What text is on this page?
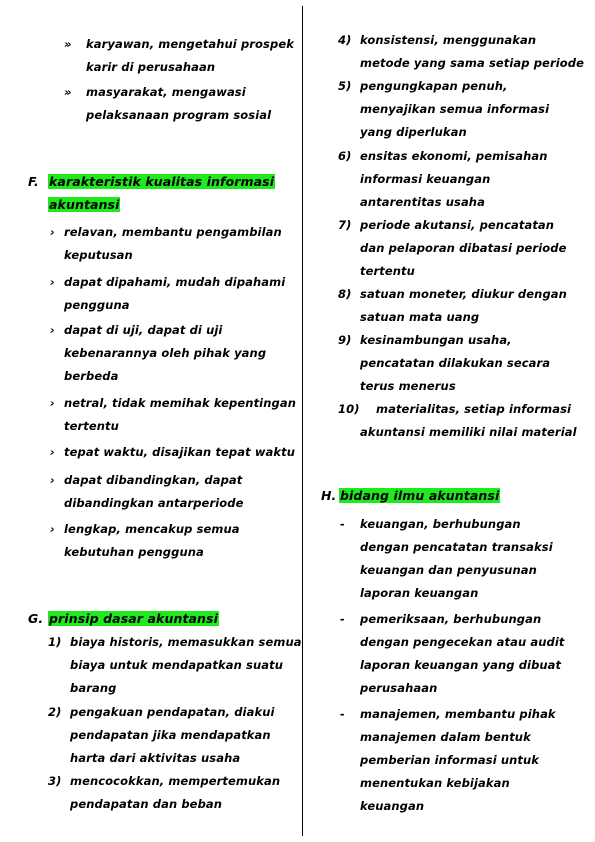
» karyawan, mengetahui prospek
karir di perusahaan
» masyarakat, mengawasi
pelaksanaan program sosial
F. karakteristik kualitas informasi
akuntansi
› relavan, membantu pengambilan
keputusan
› dapat dipahami, mudah dipahami
pengguna
› dapat di uji, dapat di uji
kebenarannya oleh pihak yang
berbeda
› netral, tidak memihak kepentingan
tertentu
› tepat waktu, disajikan tepat waktu
› dapat dibandingkan, dapat
dibandingkan antarperiode
› lengkap, mencakup semua
kebutuhan pengguna
G. prinsip dasar akuntansi
1) biaya historis, memasukkan semua
biaya untuk mendapatkan suatu
barang
2) pengakuan pendapatan, diakui
pendapatan jika mendapatkan
harta dari aktivitas usaha
3) mencocokkan, mempertemukan
pendapatan dan beban
4) konsistensi, menggunakan
metode yang sama setiap periode
5) pengungkapan penuh,
menyajikan semua informasi
yang diperlukan
6) ensitas ekonomi, pemisahan
informasi keuangan
antarentitas usaha
7) periode akutansi, pencatatan
dan pelaporan dibatasi periode
tertentu
8) satuan moneter, diukur dengan
satuan mata uang
9) kesinambungan usaha,
pencatatan dilakukan secara
terus menerus
10) materialitas, setiap informasi
akuntansi memiliki nilai material
H. bidang ilmu akuntansi
- keuangan, berhubungan
dengan pencatatan transaksi
keuangan dan penyusunan
laporan keuangan
- pemeriksaan, berhubungan
dengan pengecekan atau audit
laporan keuangan yang dibuat
perusahaan
- manajemen, membantu pihak
manajemen dalam bentuk
pemberian informasi untuk
menentukan kebijakan
keuangan
